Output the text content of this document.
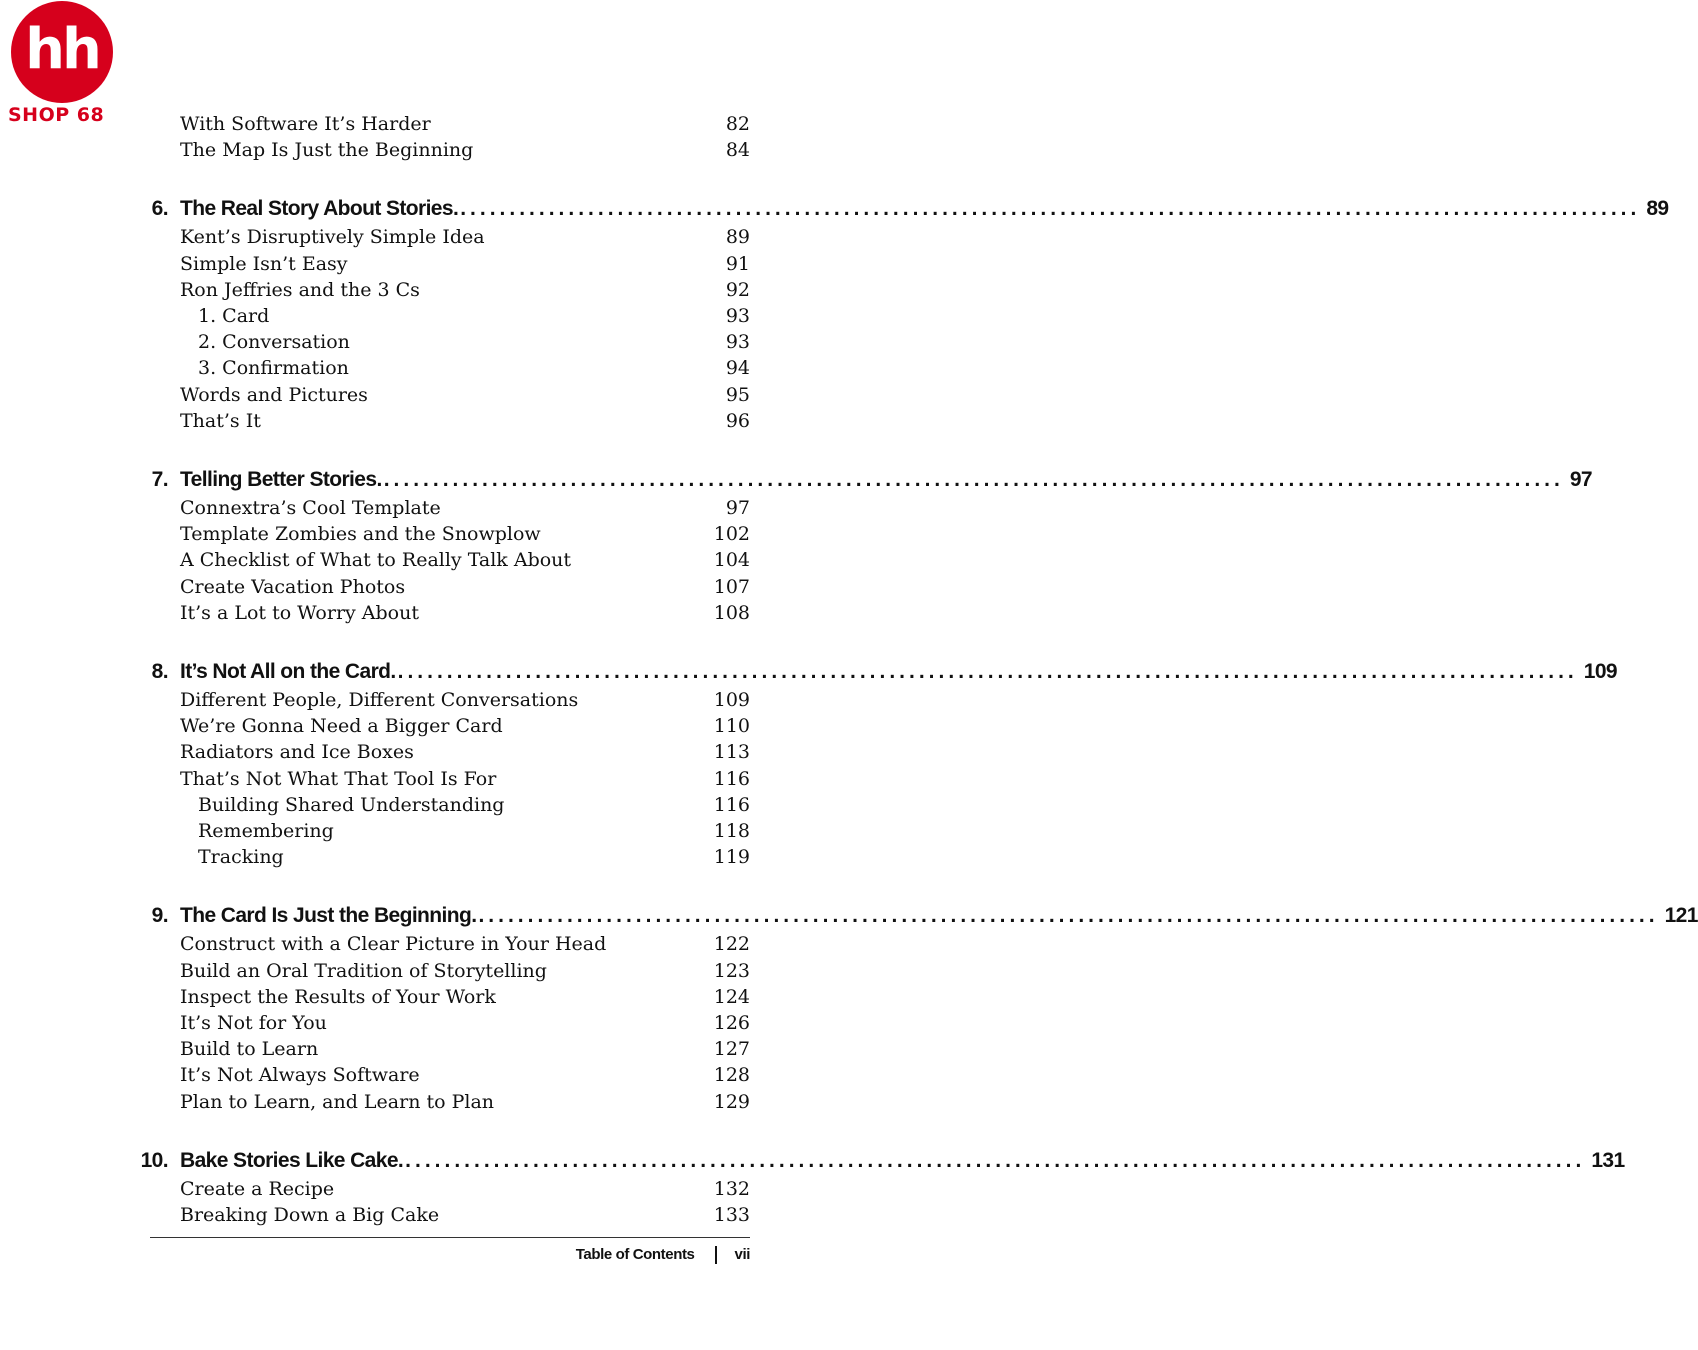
hh
SHOP 68	With Software It’s Harder	82
The Map Is Just the Beginning	84
6. The Real Story About Stories. ........................................................................................................................ 89
Kent’s Disruptively Simple Idea	89
Simple Isn’t Easy	91
Ron Jeffries and the 3 Cs	92
1. Card	93
2. Conversation	93
3. Confirmation	94
Words and Pictures	95
That’s It	96
7. Telling Better Stories. ........................................................................................................................ 97
Connextra’s Cool Template	97
Template Zombies and the Snowplow	102
A Checklist of What to Really Talk About	104
Create Vacation Photos	107
It’s a Lot to Worry About	108
8. It’s Not All on the Card. ........................................................................................................................ 109
Different People, Different Conversations	109
We’re Gonna Need a Bigger Card	110
Radiators and Ice Boxes	113
That’s Not What That Tool Is For	116
Building Shared Understanding	116
Remembering	118
Tracking	119
9. The Card Is Just the Beginning. ........................................................................................................................ 121
Construct with a Clear Picture in Your Head	122
Build an Oral Tradition of Storytelling	123
Inspect the Results of Your Work	124
It’s Not for You	126
Build to Learn	127
It’s Not Always Software	128
Plan to Learn, and Learn to Plan	129
10. Bake Stories Like Cake. ........................................................................................................................ 131
Create a Recipe	132
Breaking Down a Big Cake	133
Table of Contents	vii
